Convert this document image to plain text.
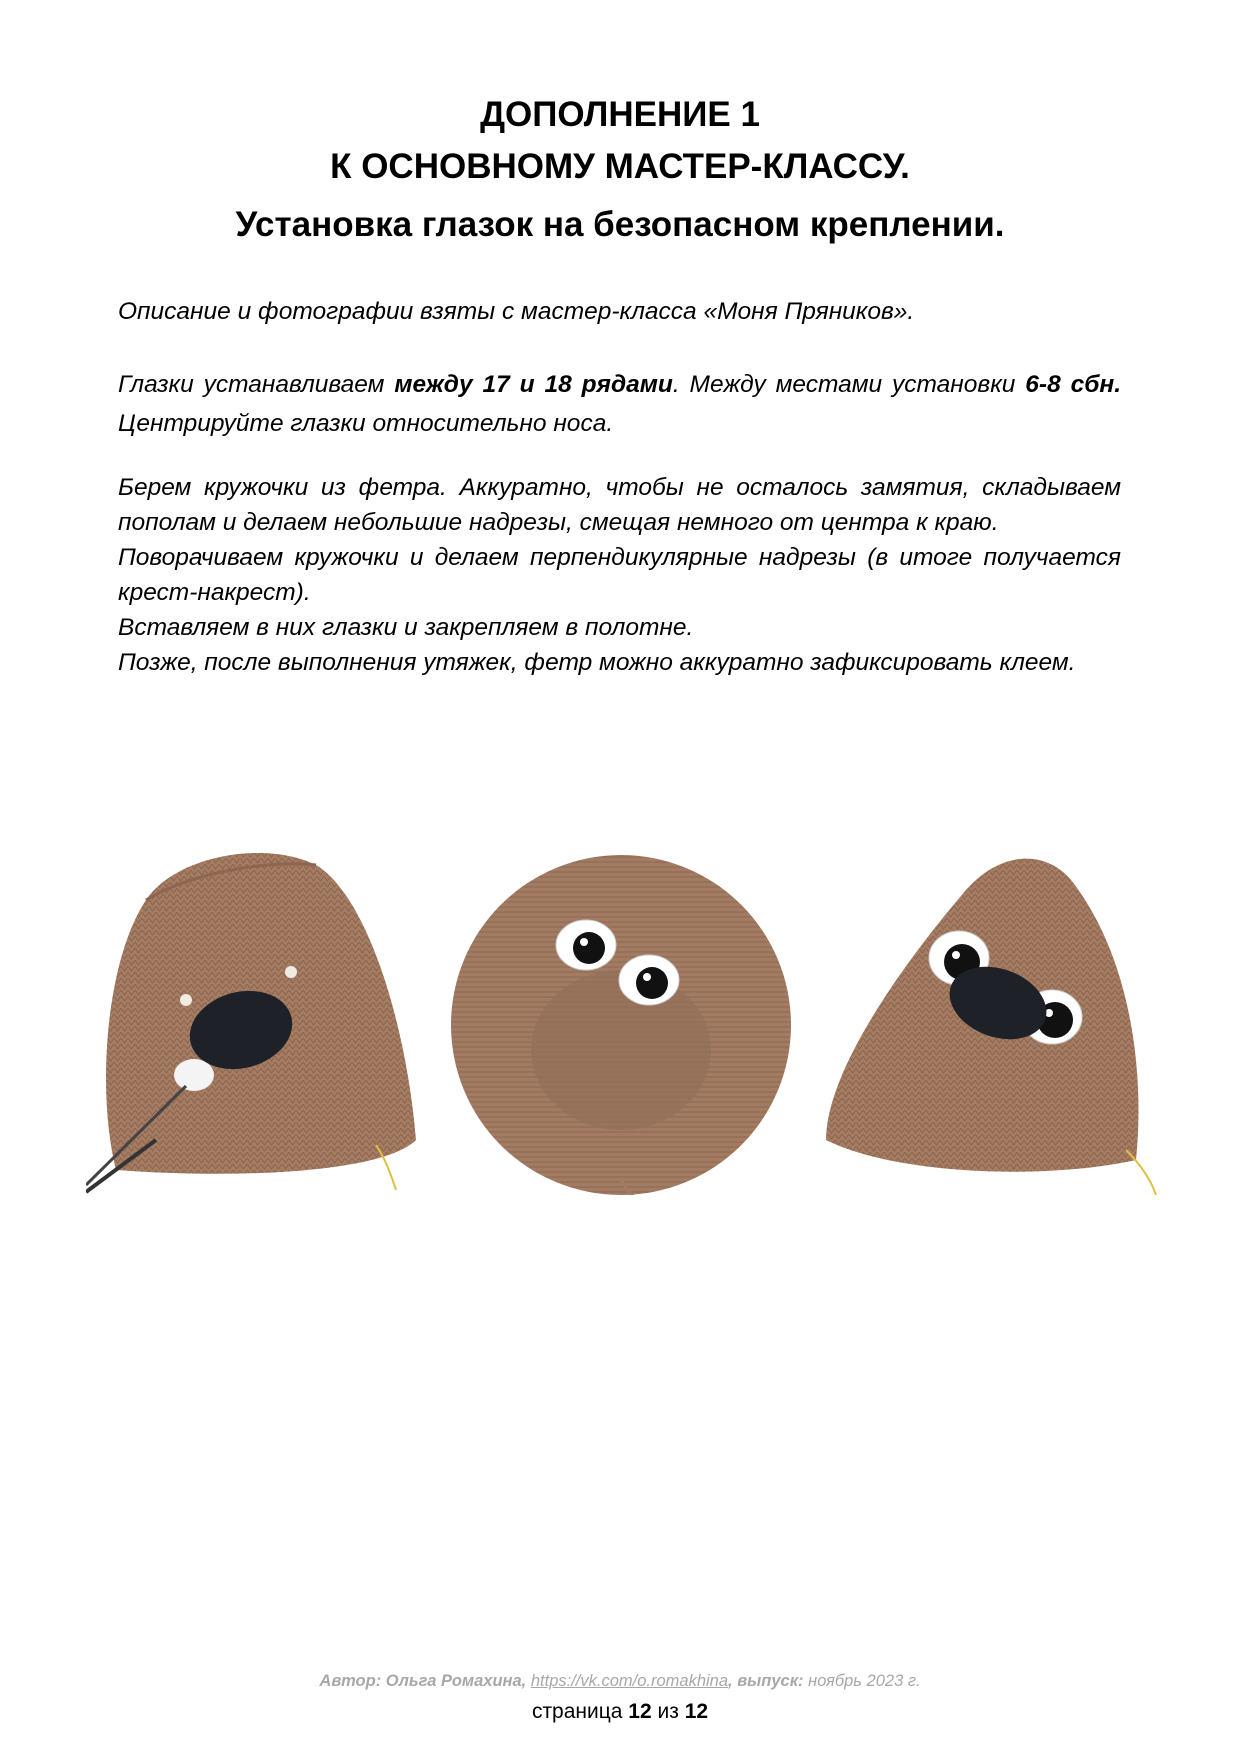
ДОПОЛНЕНИЕ 1
К ОСНОВНОМУ МАСТЕР-КЛАССУ.
Установка глазок на безопасном креплении.
Описание и фотографии взяты с мастер-класса «Моня Пряников».
Глазки устанавливаем между 17 и 18 рядами. Между местами установки 6-8 сбн. Центрируйте глазки относительно носа.
Берем кружочки из фетра. Аккуратно, чтобы не осталось замятия, складываем пополам и делаем небольшие надрезы, смещая немного от центра к краю.
Поворачиваем кружочки и делаем перпендикулярные надрезы (в итоге получается крест-накрест).
Вставляем в них глазки и закрепляем в полотне.
Позже, после выполнения утяжек, фетр можно аккуратно зафиксировать клеем.
Автор: Ольга Ромахина, https://vk.com/o.romakhina, выпуск: ноябрь 2023 г.
страница 12 из 12
